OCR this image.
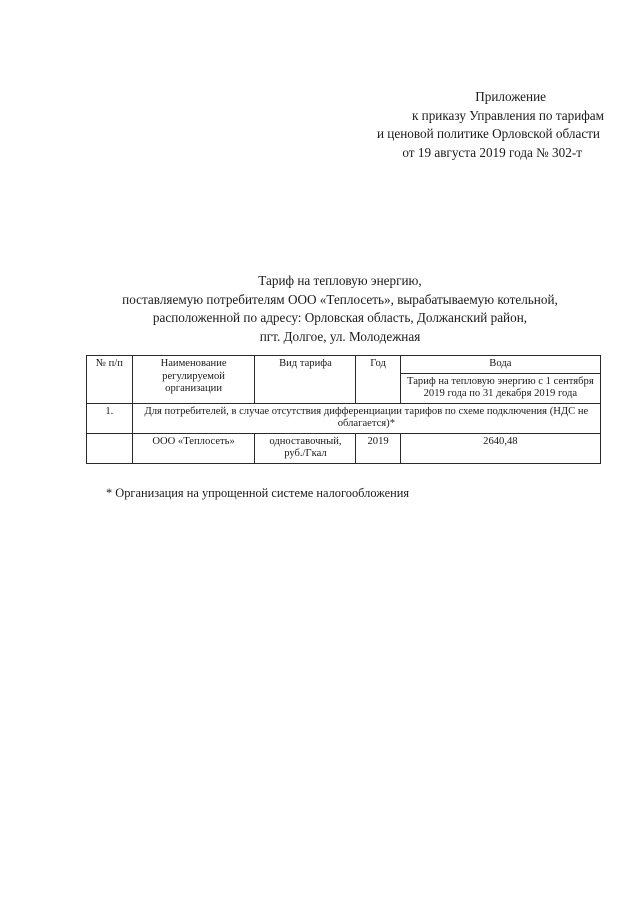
Приложение
к приказу Управления по тарифам
и ценовой политике Орловской области
от 19 августа 2019 года № 302-т
Тариф на тепловую энергию,
поставляемую потребителям ООО «Теплосеть», вырабатываемую котельной,
расположенной по адресу: Орловская область, Должанский район,
пгт. Долгое, ул. Молодежная
№ п/п	Наименование регулируемой организации	Вид тарифа	Год	Вода
				Тариф на тепловую энергию с 1 сентября 2019 года по 31 декабря 2019 года
1.	Для потребителей, в случае отсутствия дифференциации тарифов по схеме подключения (НДС не облагается)*			
	ООО «Теплосеть»	одноставочный, руб./Гкал	2019	2640,48
* Организация на упрощенной системе налогообложения
